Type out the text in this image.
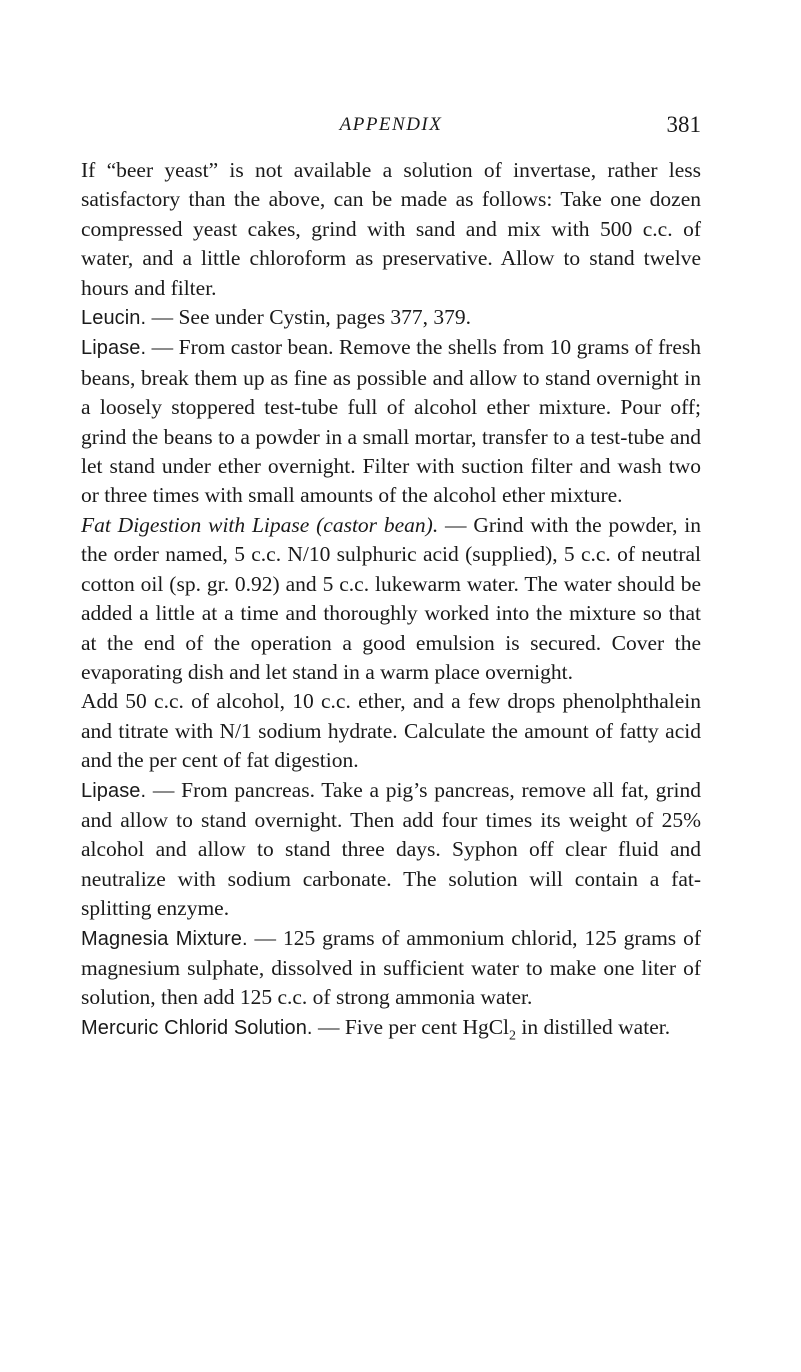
APPENDIX	381

If “beer yeast” is not available a solution of invertase, rather less satisfactory than the above, can be made as follows: Take one dozen compressed yeast cakes, grind with sand and mix with 500 c.c. of water, and a little chloroform as preservative. Allow to stand twelve hours and filter.

Leucin. — See under Cystin, pages 377, 379.

Lipase. — From castor bean. Remove the shells from 10 grams of fresh beans, break them up as fine as possible and allow to stand overnight in a loosely stoppered test-tube full of alcohol ether mixture. Pour off; grind the beans to a powder in a small mortar, transfer to a test-tube and let stand under ether overnight. Filter with suction filter and wash two or three times with small amounts of the alcohol ether mixture.

Fat Digestion with Lipase (castor bean). — Grind with the powder, in the order named, 5 c.c. N/10 sulphuric acid (supplied), 5 c.c. of neutral cotton oil (sp. gr. 0.92) and 5 c.c. lukewarm water. The water should be added a little at a time and thoroughly worked into the mixture so that at the end of the operation a good emulsion is secured. Cover the evaporating dish and let stand in a warm place overnight.

Add 50 c.c. of alcohol, 10 c.c. ether, and a few drops phenolphthalein and titrate with N/1 sodium hydrate. Calculate the amount of fatty acid and the per cent of fat digestion.

Lipase. — From pancreas. Take a pig’s pancreas, remove all fat, grind and allow to stand overnight. Then add four times its weight of 25% alcohol and allow to stand three days. Syphon off clear fluid and neutralize with sodium carbonate. The solution will contain a fat-splitting enzyme.

Magnesia Mixture. — 125 grams of ammonium chlorid, 125 grams of magnesium sulphate, dissolved in sufficient water to make one liter of solution, then add 125 c.c. of strong ammonia water.

Mercuric Chlorid Solution. — Five per cent HgCl$_2$ in distilled water.
